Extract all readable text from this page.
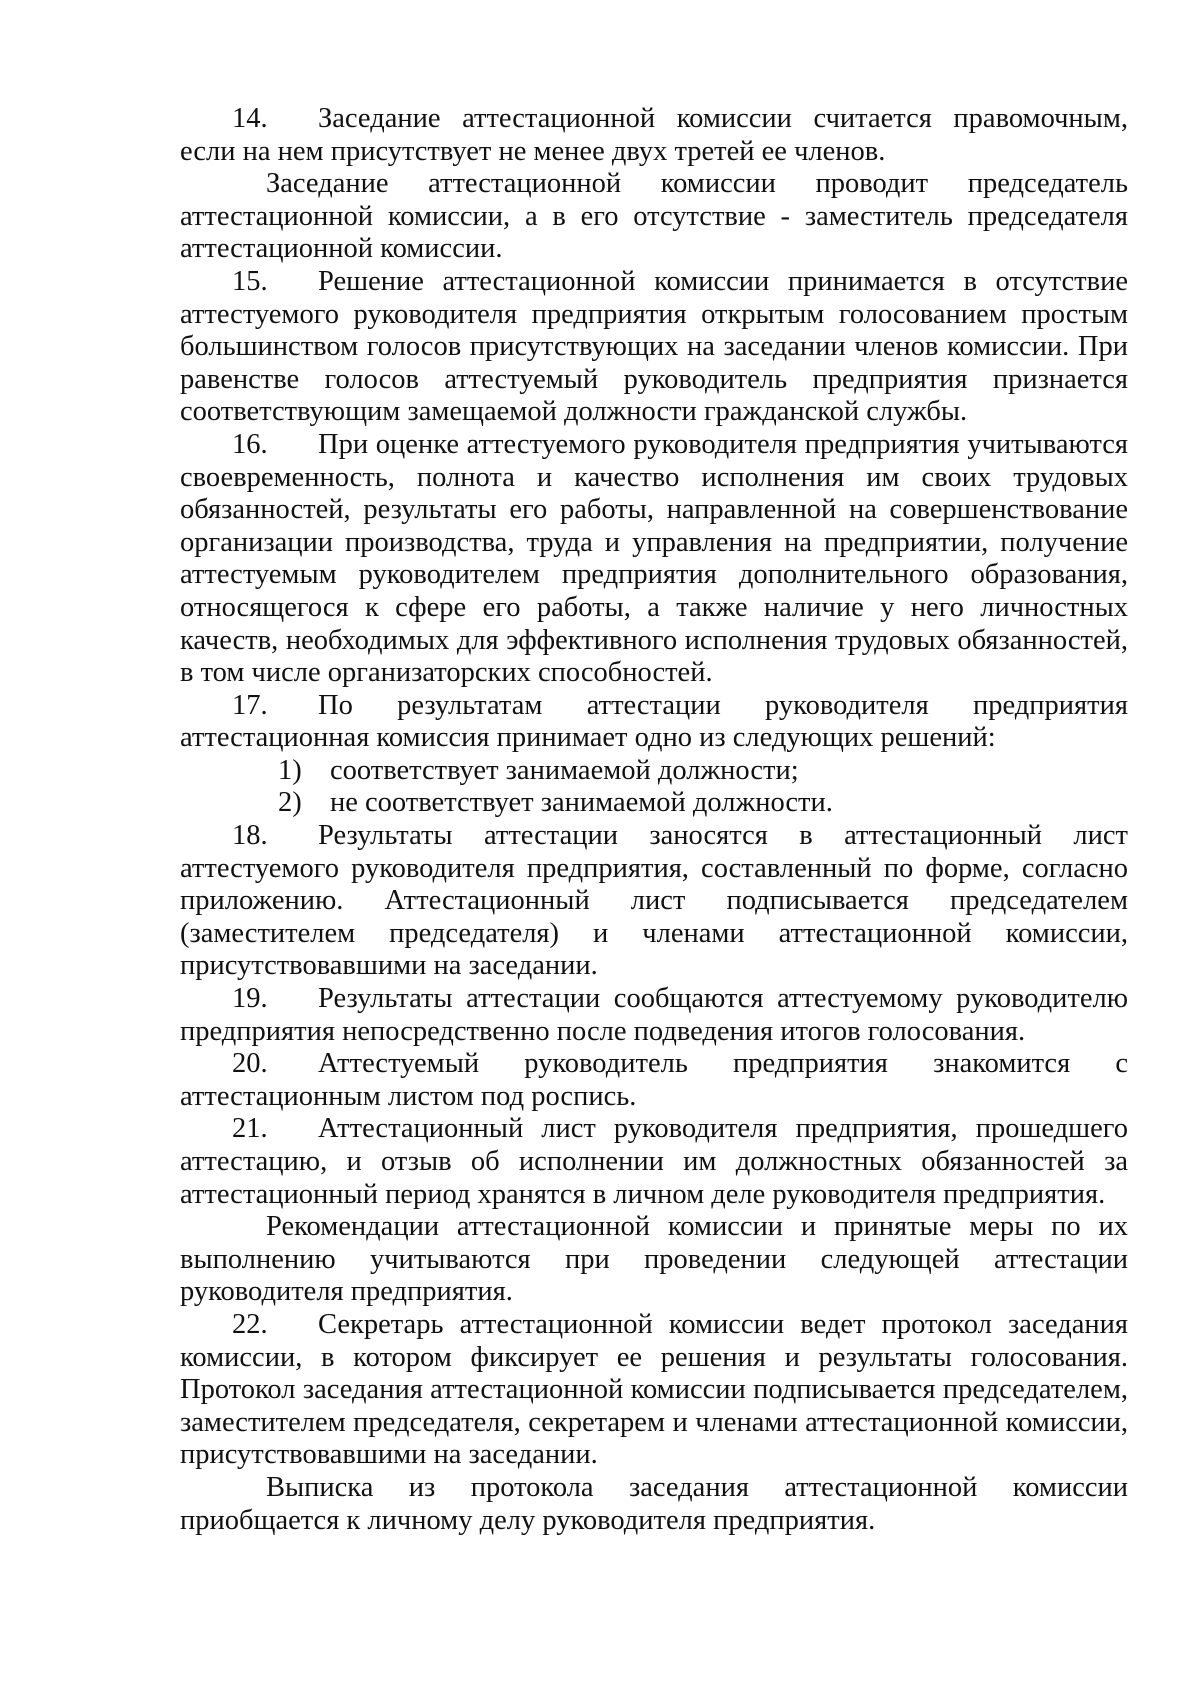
14. Заседание аттестационной комиссии считается правомочным, если на нем присутствует не менее двух третей ее членов.

Заседание аттестационной комиссии проводит председатель аттестационной комиссии, а в его отсутствие - заместитель председателя аттестационной комиссии.

15. Решение аттестационной комиссии принимается в отсутствие аттестуемого руководителя предприятия открытым голосованием простым большинством голосов присутствующих на заседании членов комиссии. При равенстве голосов аттестуемый руководитель предприятия признается соответствующим замещаемой должности гражданской службы.

16. При оценке аттестуемого руководителя предприятия учитываются своевременность, полнота и качество исполнения им своих трудовых обязанностей, результаты его работы, направленной на совершенствование организации производства, труда и управления на предприятии, получение аттестуемым руководителем предприятия дополнительного образования, относящегося к сфере его работы, а также наличие у него личностных качеств, необходимых для эффективного исполнения трудовых обязанностей, в том числе организаторских способностей.

17. По результатам аттестации руководителя предприятия аттестационная комиссия принимает одно из следующих решений:

1) соответствует занимаемой должности;

2) не соответствует занимаемой должности.

18. Результаты аттестации заносятся в аттестационный лист аттестуемого руководителя предприятия, составленный по форме, согласно приложению. Аттестационный лист подписывается председателем (заместителем председателя) и членами аттестационной комиссии, присутствовавшими на заседании.

19. Результаты аттестации сообщаются аттестуемому руководителю предприятия непосредственно после подведения итогов голосования.

20. Аттестуемый руководитель предприятия знакомится с аттестационным листом под роспись.

21. Аттестационный лист руководителя предприятия, прошедшего аттестацию, и отзыв об исполнении им должностных обязанностей за аттестационный период хранятся в личном деле руководителя предприятия.

Рекомендации аттестационной комиссии и принятые меры по их выполнению учитываются при проведении следующей аттестации руководителя предприятия.

22. Секретарь аттестационной комиссии ведет протокол заседания комиссии, в котором фиксирует ее решения и результаты голосования. Протокол заседания аттестационной комиссии подписывается председателем, заместителем председателя, секретарем и членами аттестационной комиссии, присутствовавшими на заседании.

Выписка из протокола заседания аттестационной комиссии приобщается к личному делу руководителя предприятия.
